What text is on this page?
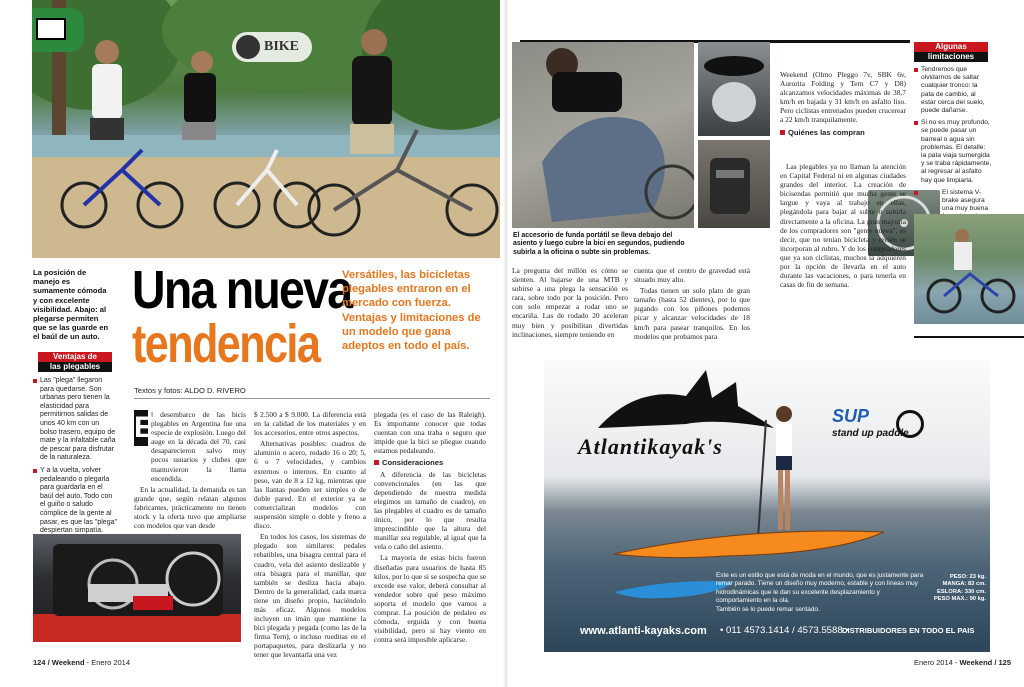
BIKE
La posición de manejo es sumamente cómoda y con excelente visibilidad. Abajo: al plegarse permiten que se las guarde en el baúl de un auto.
Una nueva
tendencia
Versátiles, las bicicletas plegables entraron en el mercado con fuerza. Ventajas y limitaciones de un modelo que gana adeptos en todo el país.
Textos y fotos: ALDO D. RIVERO
Ventajas de
las plegables
Las "plega" llegaron para quedarse. Son urbanas pero tienen la elasticidad para permitirnos salidas de unos 40 km con un bolso trasero, equipo de mate y la infaltable caña de pescar para disfrutar de la naturaleza.
Y a la vuelta, volver pedaleando o plegarla para guardarla en el baúl del auto. Todo con el guiño o saludo cómplice de la gente al pasar, es que las "plega" despiertan simpatía.
E

l desembarco de las bicis plegables en Argentina fue una especie de explosión. Luego del auge en la década del 70, casi desaparecieron salvo muy pocos usuarios y clubes que mantuvieron la llama encendida.

En la actualidad, la demanda es tan grande que, según relatan algunos fabricantes, prácticamente no tienen stock y la oferta tuvo que ampliarse con modelos que van desde

$ 2.500 a $ 9.000. La diferencia está en la calidad de los materiales y en los accesorios, entre otros aspectos.

Alternativas posibles: cuadros de aluminio o acero, rodado 16 o 20; 5, 6 o 7 velocidades, y cambios externos o internos. En cuanto al peso, van de 8 a 12 kg, mientras que las llantas pueden ser simples o de doble pared. En el exterior ya se comercializan modelos con suspensión simple o doble y freno a disco.

En todos los casos, los sistemas de plegado son similares: pedales rebatibles, una bisagra central para el cuadro, vela del asiento deslizable y otra bisagra para el manillar, que también se desliza hacia abajo. Dentro de la generalidad, cada marca tiene un diseño propio, haciéndolo más eficaz. Algunos modelos incluyen un imán que mantiene la bici plegada y pegada (como las de la firma Tern), o incluso rueditas en el portapaquetes, para deslizarla y no tener que levantarla una vez

plegada (es el caso de las Raleigh). Es importante conocer que todas cuentan con una traba o seguro que impide que la bici se pliegue cuando estamos pedaleando.

Consideraciones

A diferencia de las bicicletas convencionales (en las que dependiendo de nuestra medida elegimos un tamaño de cuadro), en las plegables el cuadro es de tamaño único, por lo que resulta imprescindible que la altura del manillar sea regulable, al igual que la vela o caño del asiento.

La mayoría de estas bicis fueron diseñadas para usuarios de hasta 85 kilos, por lo que si se sospecha que se excede ese valor, deberá consultar al vendedor sobre qué peso máximo soporta el modelo que vamos a comprar. La posición de pedaleo es cómoda, erguida y con buena visibilidad, pero si hay viento en contra será imposible aplicarse.

124 / Weekend - Enero 2014
El accesorio de funda portátil se lleva debajo del asiento y luego cubre la bici en segundos, pudiendo subirla a la oficina o subte sin problemas.

La pregunta del millón es cómo se sienten. Al bajarse de una MTB y subirse a una plega la sensación es rara, sobre todo por la posición. Pero con solo empezar a rodar uno se encariña. Las de rodado 20 aceleran muy bien y posibilitan divertidas inclinaciones, siempre teniendo en

cuenta que el centro de gravedad está situado muy alto.

Todas tienen un solo plato de gran tamaño (hasta 52 dientes), por lo que jugando con los piñones podemos picar y alcanzar velocidades de 18 km/h para pasear tranquilos. En los modelos que probamos para

Weekend (Olmo Pleggo 7v, SBK 6v, Aurorita Folding y Tern C7 y D8) alcanzamos velocidades máximas de 38,7 km/h en bajada y 31 km/h en asfalto liso. Pero ciclistas entrenados pueden crucerear a 22 km/h tranquilamente.

Quiénes las compran

Las plegables ya no llaman la atención en Capital Federal ni en algunas ciudades grandes del interior. La creación de bicisendas permitió que mucha gente se largue y vaya al trabajo en ellas, plegándola para bajar al subte o subirla directamente a la oficina. La gran mayoría de los compradores son "gente nueva", es decir, que no tenían bicicleta y recién se incorporan al rubro. Y de los compradores que ya son ciclistas, muchos la adquieren por la opción de llevarla en el auto durante las vacaciones, o para tenerla en casas de fin de semana.

Algunas
limitaciones
Tendremos que olvidarnos de saltar cualquier tronco: la pata de cambio, al estar cerca del suelo, puede dañarse.
Si no es muy profundo, se puede pasar un barreal o agua sin problemas. El detalle: la pata viaja sumergida y se traba rápidamente, al regresar al asfalto hay que limpiarla.
El sistema V-brake asegura una muy buena
Atlantikayak's
SUP
stand up paddle
Este es un estilo que está de moda en el mundo, que es justamente para remar parado. Tiene un diseño muy moderno, estable y con líneas muy hidrodinámicas que le dan su excelente desplazamiento y comportamiento en la ola.
También se lo puede remar sentado.
PESO: 23 kg.
MANGA: 83 cm.
ESLORA: 330 cm.
PESO MAX.: 90 kg.
www.atlanti-kayaks.com • 011 4573.1414 / 4573.5588 •
DISTRIBUIDORES EN TODO EL PAIS
Enero 2014 - Weekend / 125
